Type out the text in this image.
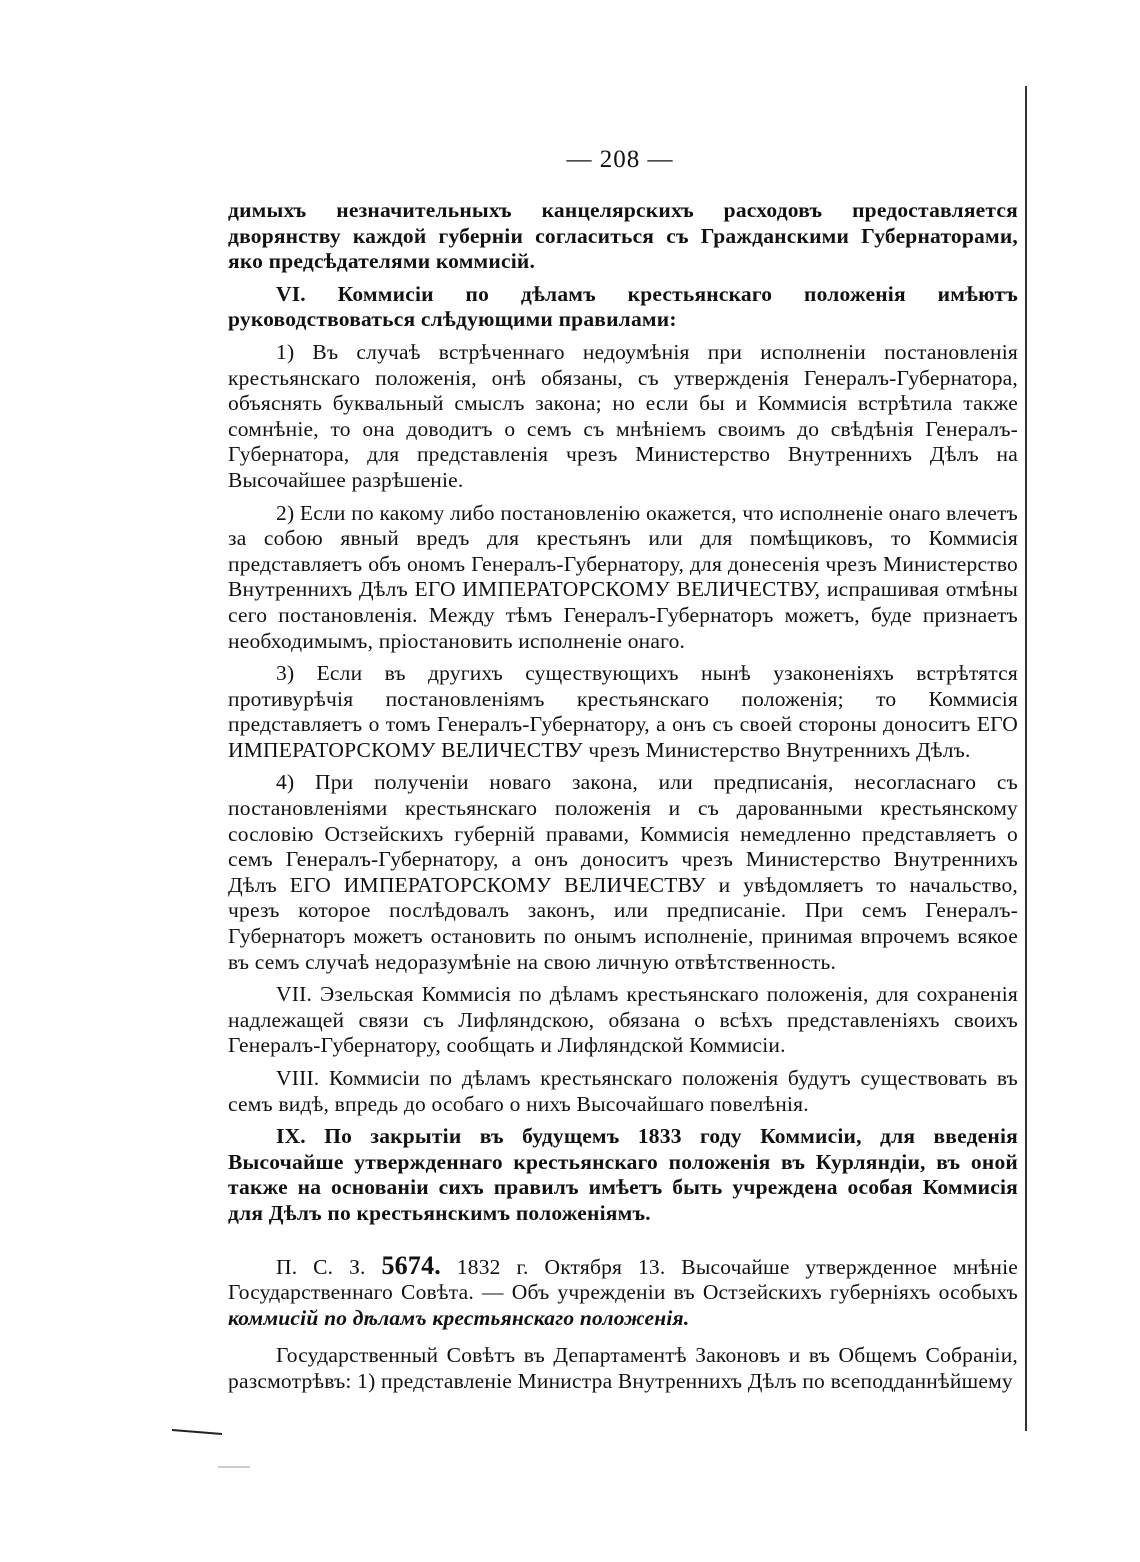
— 208 —

димыхъ незначительныхъ канцелярскихъ расходовъ предоставляется дворянству каждой губерніи согласиться съ Гражданскими Губернаторами, яко предсѣдателями коммисій.

VI. Коммисіи по дѣламъ крестьянскаго положенія имѣютъ руководствоваться слѣдующими правилами:

1) Въ случаѣ встрѣченнаго недоумѣнія при исполненіи постановленія крестьянскаго положенія, онѣ обязаны, съ утвержденія Генералъ-Губернатора, объяснять буквальный смыслъ закона; но если бы и Коммисія встрѣтила также сомнѣніе, то она доводитъ о семъ съ мнѣніемъ своимъ до свѣдѣнія Генералъ-Губернатора, для представленія чрезъ Министерство Внутреннихъ Дѣлъ на Высочайшее разрѣшеніе.

2) Если по какому либо постановленію окажется, что исполненіе онаго влечетъ за собою явный вредъ для крестьянъ или для помѣщиковъ, то Коммисія представляетъ объ ономъ Генералъ-Губернатору, для донесенія чрезъ Министерство Внутреннихъ Дѣлъ ЕГО ИМПЕРАТОРСКОМУ ВЕЛИЧЕСТВУ, испрашивая отмѣны сего постановленія. Между тѣмъ Генералъ-Губернаторъ можетъ, буде признаетъ необходимымъ, пріостановить исполненіе онаго.

3) Если въ другихъ существующихъ нынѣ узаконеніяхъ встрѣтятся противурѣчія постановленіямъ крестьянскаго положенія; то Коммисія представляетъ о томъ Генералъ-Губернатору, а онъ съ своей стороны доноситъ ЕГО ИМПЕРАТОРСКОМУ ВЕЛИЧЕСТВУ чрезъ Министерство Внутреннихъ Дѣлъ.

4) При полученіи новаго закона, или предписанія, несогласнаго съ постановленіями крестьянскаго положенія и съ дарованными крестьянскому сословію Остзейскихъ губерній правами, Коммисія немедленно представляетъ о семъ Генералъ-Губернатору, а онъ доноситъ чрезъ Министерство Внутреннихъ Дѣлъ ЕГО ИМПЕРАТОРСКОМУ ВЕЛИЧЕСТВУ и увѣдомляетъ то начальство, чрезъ которое послѣдовалъ законъ, или предписаніе. При семъ Генералъ-Губернаторъ можетъ остановить по онымъ исполненіе, принимая впрочемъ всякое въ семъ случаѣ недоразумѣніе на свою личную отвѣтственность.

VII. Эзельская Коммисія по дѣламъ крестьянскаго положенія, для сохраненія надлежащей связи съ Лифляндскою, обязана о всѣхъ представленіяхъ своихъ Генералъ-Губернатору, сообщать и Лифляндской Коммисіи.

VIII. Коммисіи по дѣламъ крестьянскаго положенія будутъ существовать въ семъ видѣ, впредь до особаго о нихъ Высочайшаго повелѣнія.

IX. По закрытіи въ будущемъ 1833 году Коммисіи, для введенія Высочайше утвержденнаго крестьянскаго положенія въ Курляндіи, въ оной также на основаніи сихъ правилъ имѣетъ быть учреждена особая Коммисія для Дѣлъ по крестьянскимъ положеніямъ.

П. С. З. 5674. 1832 г. Октября 13. Высочайше утвержденное мнѣніе Государственнаго Совѣта. — Объ учрежденіи въ Остзейскихъ губерніяхъ особыхъ коммисій по дѣламъ крестьянскаго положенія.

Государственный Совѣтъ въ Департаментѣ Законовъ и въ Общемъ Собраніи, разсмотрѣвъ: 1) представленіе Министра Внутреннихъ Дѣлъ по всеподданнѣйшему
